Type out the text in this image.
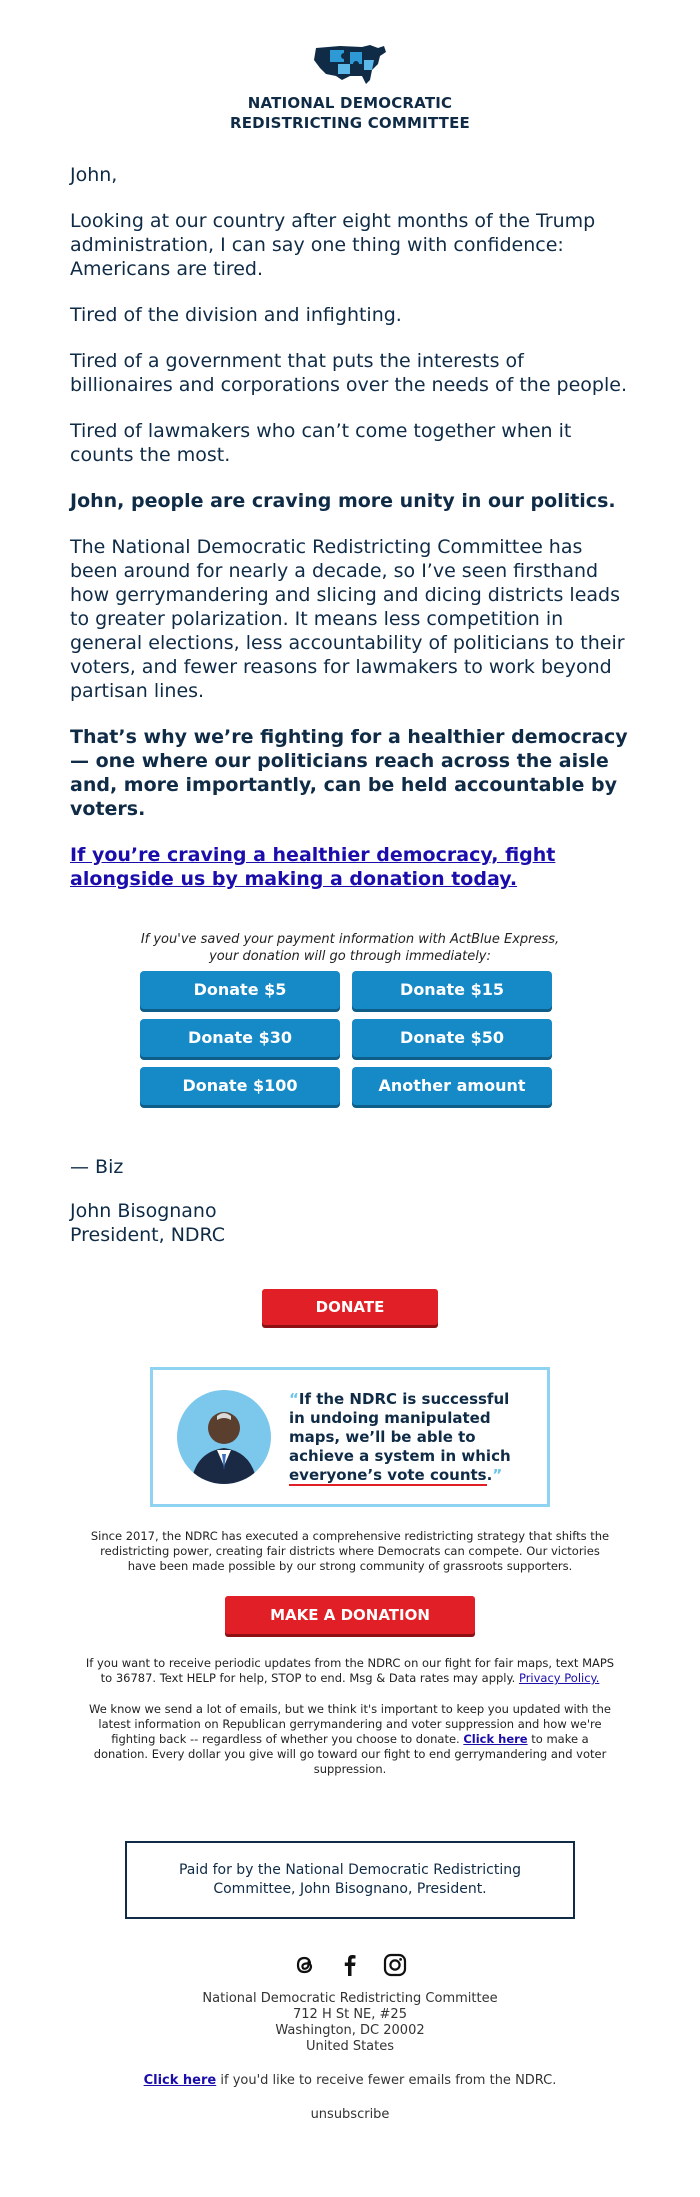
NATIONAL DEMOCRATIC
REDISTRICTING COMMITTEE

John,

Looking at our country after eight months of the Trump administration, I can say one thing with confidence: Americans are tired.

Tired of the division and infighting.

Tired of a government that puts the interests of billionaires and corporations over the needs of the people.

Tired of lawmakers who can’t come together when it counts the most.

John, people are craving more unity in our politics.

The National Democratic Redistricting Committee has been around for nearly a decade, so I’ve seen firsthand how gerrymandering and slicing and dicing districts leads to greater polarization. It means less competition in general elections, less accountability of politicians to their voters, and fewer reasons for lawmakers to work beyond partisan lines.

That’s why we’re fighting for a healthier democracy — one where our politicians reach across the aisle and, more importantly, can be held accountable by voters.

If you’re craving a healthier democracy, fight alongside us by making a donation today.
If you've saved your payment information with ActBlue Express, your donation will go through immediately:
Donate $5	Donate $15
Donate $30	Donate $50
Donate $100	Another amount

— Biz

John Bisognano

President, NDRC

DONATE
“If the NDRC is successful in undoing manipulated maps, we’ll be able to achieve a system in which everyone’s vote counts.”
Since 2017, the NDRC has executed a comprehensive redistricting strategy that shifts the redistricting power, creating fair districts where Democrats can compete. Our victories have been made possible by our strong community of grassroots supporters.
MAKE A DONATION
If you want to receive periodic updates from the NDRC on our fight for fair maps, text MAPS to 36787. Text HELP for help, STOP to end. Msg & Data rates may apply. Privacy Policy.
We know we send a lot of emails, but we think it's important to keep you updated with the latest information on Republican gerrymandering and voter suppression and how we're fighting back -- regardless of whether you choose to donate. Click here to make a donation. Every dollar you give will go toward our fight to end gerrymandering and voter suppression.
Paid for by the National Democratic Redistricting Committee, John Bisognano, President.

National Democratic Redistricting Committee
712 H St NE, #25
Washington, DC 20002
United States
Click here if you'd like to receive fewer emails from the NDRC.
unsubscribe
